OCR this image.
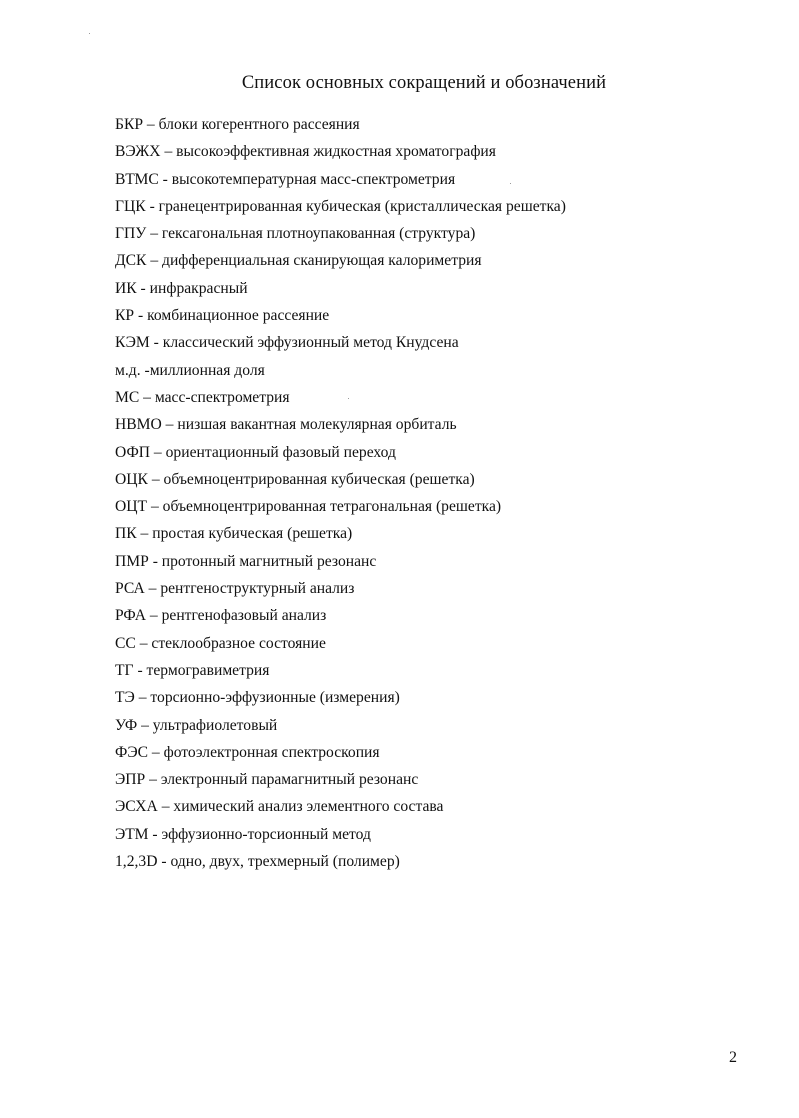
Список основных сокращений и обозначений
БКР – блоки когерентного рассеяния
ВЭЖХ – высокоэффективная жидкостная хроматография
ВТМС - высокотемпературная масс-спектрометрия
ГЦК - гранецентрированная кубическая (кристаллическая решетка)
ГПУ – гексагональная плотноупакованная (структура)
ДСК – дифференциальная сканирующая калориметрия
ИК - инфракрасный
КР - комбинационное рассеяние
КЭМ - классический эффузионный метод Кнудсена
м.д. -миллионная доля
МС – масс-спектрометрия
НВМО – низшая вакантная молекулярная орбиталь
ОФП – ориентационный фазовый переход
ОЦК – объемноцентрированная кубическая (решетка)
ОЦТ – объемноцентрированная тетрагональная (решетка)
ПК – простая кубическая (решетка)
ПМР - протонный магнитный резонанс
РСА – рентгеноструктурный анализ
РФА – рентгенофазовый анализ
СС – стеклообразное состояние
ТГ - термогравиметрия
ТЭ – торсионно-эффузионные (измерения)
УФ – ультрафиолетовый
ФЭС – фотоэлектронная спектроскопия
ЭПР – электронный парамагнитный резонанс
ЭСХА – химический анализ элементного состава
ЭТМ - эффузионно-торсионный метод
1,2,3D - одно, двух, трехмерный (полимер)
2
